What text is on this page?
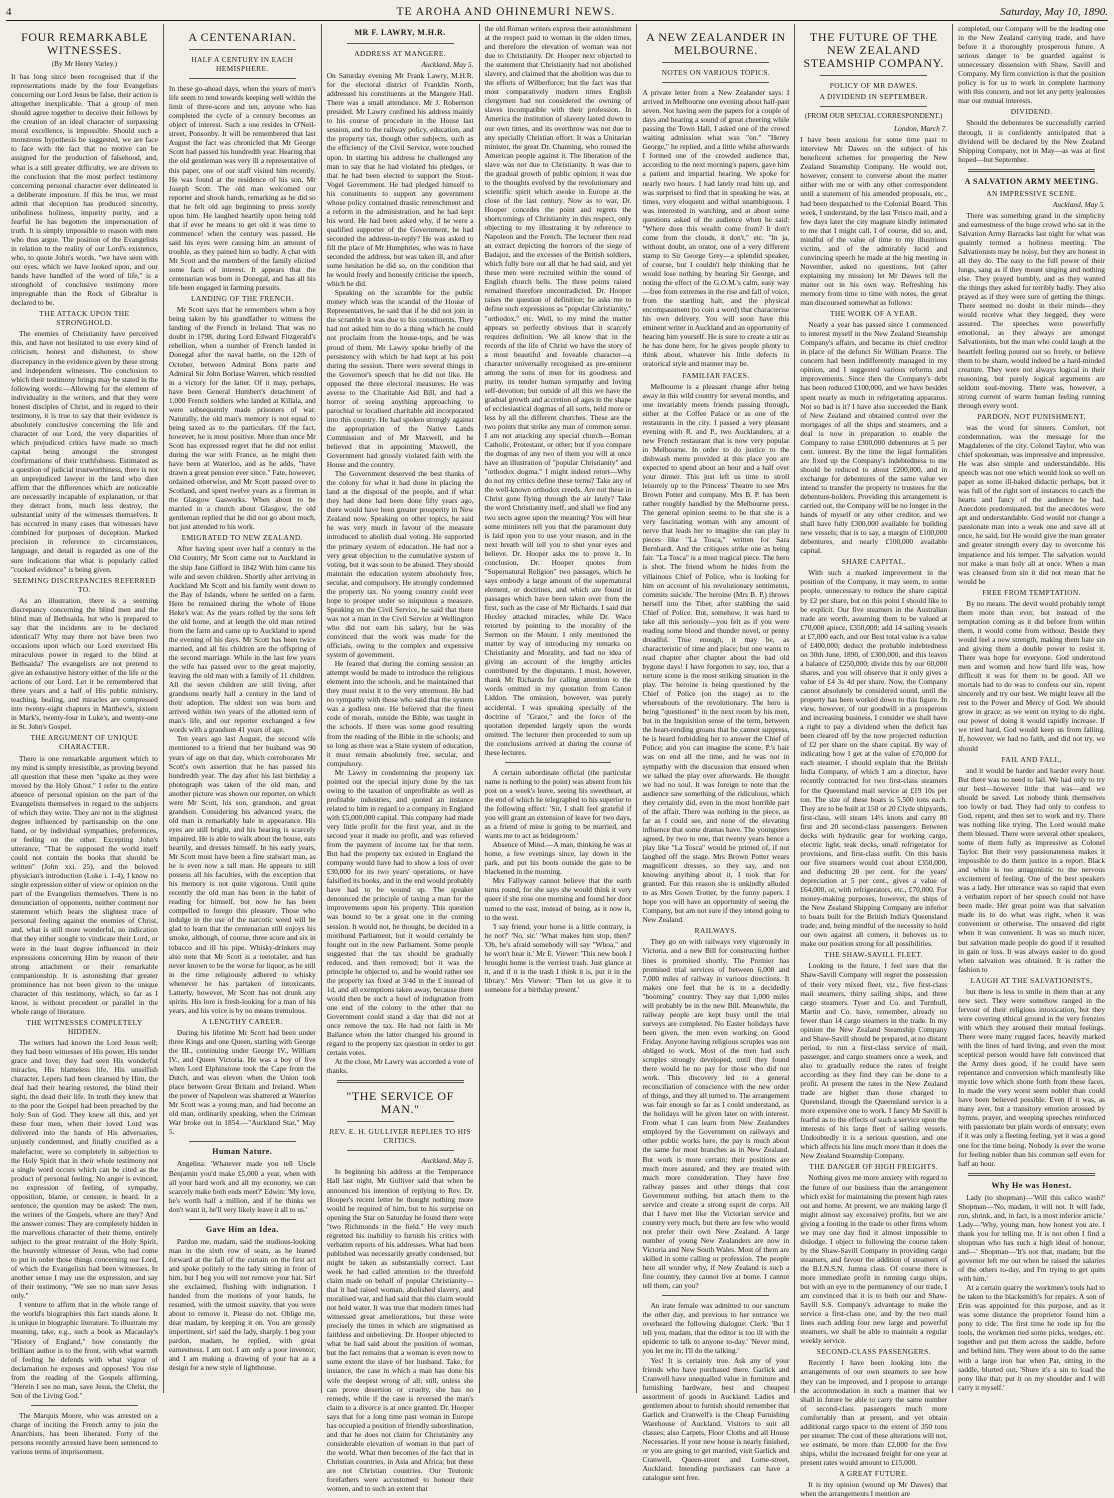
4	TE AROHA AND OHINEMURI NEWS.	Saturday, May 10, 1890.
FOUR REMARKABLE WITNESSES.
(By Mr Henry Varley.)

It has long since been recognised that if the representations made by the four Evangelists concerning our Lord Jesus be false, their action is altogether inexplicable. That a group of men should agree together to deceive their fellows by the creation of an ideal character of surpassing moral excellence, is impossible. Should such a monstrous hypothesis be suggested, we are face to face with the fact that no motive can be assigned for the production of falsehood, and, what is a still greater difficulty, we are driven to the conclusion that the most perfect testimony concerning personal character ever delineated is a deliberate imposture. If this be true, we must admit that deception has produced sincerity, unholiness holiness, impurity purity, and a fearful lie has begotten the impersonation of truth. It is simply impossible to reason with men who thus argue. The position of the Evangelists in relation to the reality of our Lord's existence, who, to quote John's words, "we have seen with our eyes, which we have looked upon, and our hands have handled of the word of life," is a stronghold of conclusive testimony more impregnable than the Rock of Gibraltar is declared to be.

THE ATTACK UPON THE STRONGHOLD.

The enemies of Christianity have perceived this, and have not hesitated to use every kind of criticism, honest and dishonest, to show discrepancy in the evidence given by these strong and independent witnesses. The conclusion to which their testimony brings may be stated in the following words:—Allowing for the element of individuality in the writers, and that they were honest disciples of Christ, and in regard to their testimony, it is true to say that their evidence is absolutely conclusive concerning the life and character of our Lord, the very disparities of which prejudiced critics have made so much capital being amongst the strongest confirmations of their truthfulness. Estimated as a question of judicial trustworthiness, there is not an unprejudiced lawyer in the land who dare affirm that the differences which are noticeable are necessarily incapable of explanation, or that they detract from, much less destroy, the substantial unity of the witnesses themselves. It has occurred in many cases that witnesses have combined for purposes of deception. Marked precision in reference to circumstances, language, and detail is regarded as one of the sure indications that what is popularly called "cooked evidence" is being given.

SEEMING DISCREPANCIES REFERRED TO.

As an illustration, there is a seeming discrepancy concerning the blind men and the blind man of Bethsaida, but who is prepared to say that the incidents are to be declared identical? Why may there not have been two occasions upon which our Lord exercised His miraculous power in regard to the blind at Bethsaida? The evangelists are not pretend to give an exhaustive history either of the life or the actions of our Lord. Let it be remembered that three years and a half of His public ministry, teaching, healing, and miracles are compressed into twenty-eight chapters in Matthew's, sixteen in Mark's, twenty-four in Luke's, and twenty-one in St. John's Gospel.

THE ARGUMENT OF UNIQUE CHARACTER.

There is one remarkable argument which to my mind is simply irresistible, as proving beyond all question that these men "spake as they were moved by the Holy Ghost." I refer to the entire absence of personal opinion on the part of the Evangelists themselves in regard to the subjects of which they write. They are not in the slightest degree influenced by partisanship on the one hand, or by individual sympathies, preferences, or feeling on the other. Excepting John's utterance, "That he supposed the world itself could not contain the books that should be written" (John xxi. 25), and the beloved physician's introduction (Luke i. 1-4), I know no single expression either of view or opinion on the part of the Evangelists themselves. There is no denunciation of opponents, neither comment nor statement which bears the slightest trace of personal feeling against the enemies of Christ, and, what is still more wonderful, no indication that they either sought to vindicate their Lord, or were in the least degree influenced in their expressions concerning Him by reason of their strong attachment or their remarkable companionship. It is astonishing that greater prominence has not been given to the unique character of this testimony, which, so far as I know, is without precedent or parallel in the whole range of literature.

THE WITNESSES COMPLETELY HIDDEN.

The writers had known the Lord Jesus well; they had been witnesses of His power, His tender grace and love; they had seen His wonderful miracles, His blameless life, His unselfish character. Lepers had been cleansed by Him, the deaf had their hearing restored, the blind their sight, the dead their life. In truth they knew that to the poor the Gospel had been preached by the holy Son of God. They knew all this, and yet these four men, when their loved Lord was delivered into the hands of His adversaries, unjustly condemned, and finally crucified as a malefactor, were so completely in subjection to the Holy Spirit that in their whole testimony not a single word occurs which can be cited as the product of personal feeling. No anger is evinced, no expression of feeling, of sympathy, opposition, blame, or censure, is heard. In a sentence, the question may be asked: The men, the writers of the Gospels, where are they? And the answer comes: They are completely hidden in the marvellous character of their theme, entirely subject to the great restraint of the Holy Spirit, the heavenly witnesser of Jesus, who had come to put in order those things concerning our Lord, of which the Evangelists had been witnesses. In another sense I may use the expression, and say of their testimony, "We see no man save Jesus only."

I venture to affirm that in the whole range of the world's biographies this fact stands alone. It is unique in biographic literature. To illustrate my meaning, take, e.g., such a book as Macaulay's "History of England," how constantly the brilliant author is to the front, with what warmth of feeling he defends with what vigour of declamation he exposes and opposes! You rise from the reading of the Gospels affirming, "Herein I see no man, save Jesus, the Christ, the Son of the Living God."

The Marquis Moore, who was arrested on a charge of inciting the French army to join the Anarchists, has been liberated. Forty of the persons recently arrested have been sentenced to various terms of imprisonment.

A CENTENARIAN.
HALF A CENTURY IN EACH HEMISPHERE.

In these go-ahead days, when the years of men's life seem to tend towards keeping well within the limit of three-score and ten, anyone who has completed the cycle of a century becomes an object of interest. Such a one resides in O'Neil-street, Ponsonby. It will be remembered that last August the fact was chronicled that Mr George Scott had passed his hundredth year. Hearing that the old gentleman was very ill a representative of this paper, one of our staff visited him recently. He was found at the residence of his son, Mr Joseph Scott. The old man welcomed our reporter and shook hands, remarking as he did so that he felt old age beginning to press sorely upon him. He laughed heartily upon being told that if ever he means to get old it was time to commence! when the century was passed. He said his eyes were causing him an amount of trouble, as they pained him so badly. A chat with Mr Scott and the members of the family elicited some facts of interest. It appears that the centenarian was born in Donegal, and has all his life been engaged in farming pursuits.

LANDING OF THE FRENCH.

Mr Scott says that he remembers when a boy being taken by his grandfather to witness the landing of the French in Ireland. That was no doubt in 1798, during Lord Edward Fitzgerald's rebellion, when a number of French landed in Donegal after the naval battle, on the 12th of October, between Admiral Bons parte and Admiral Sir John Borlase Warren, which resulted in a victory for the latter. Of it may, perhaps, have been General Humbert's detachment of 1,000 French soldiers who landed at Killala, and were subsequently made prisoners of war. Naturally, the old man's memory is not equal to being taxed as to the particulars. Of the fact, however, he is most positive. More than once Mr Scott has expressed regret that he did not enlist during the war with France, as he might then have been at Waterloo, and as he adds, "have drawn a great pension ever since." Fate, however, ordained otherwise, and Mr Scott passed over to Scotland, and spent twelve years as a fireman in the Glasgow Gasworks. When about to be married in a church about Glasgow, the old gentleman replied that he did not go about much, but just attended to his work.

EMIGRATED TO NEW ZEALAND.

After having spent over half a century in the Old Country, Mr Scott came out to Auckland in the ship Jane Gifford in 1842 With him came his wife and seven children. Shortly after arriving in Auckland Mr Scott and his family went down to the Bay of Islands, where he settled on a farm. Here he remained during the whole of Hone Heke's war. As the years rolled by the sons left the old home, and at length the old man retired from the farm and came up to Auckland to spend the evening of his days. Mr Scott has been twice married, and all his children are the offspring of the second marriage. While in the last few years the wife has passed over to the great majority, leaving the old man with a family of 11 children. All the seven children are still living, after grandsons nearly half a century in the land of their adoption. The oldest son was born and arrived within two years of the allotted term of man's life, and our reporter exchanged a few words with a grandson 41 years of age.

Ten years ago last August, the second wife mentioned to a friend that her husband was 90 years of age on that day, which corroborates Mr Scott's own assertion that he has passed his hundredth year. The day after his last birthday a photograph was taken of the old man, and another picture was shown our reporter, on which were Mr Scott, his son, grandson, and great grandson. Considering his advanced years, the old man is remarkably hale in appearance. His eyes are still bright, and his hearing is scarcely impaired. He is able to walk about the house, eats heartily, and dresses himself. In his early years, Mr Scott must have been a fine stalwart man, as he is even now a tall man. He appears to still possess all his faculties, with the exception that his memory is not quite vigorous. Until quite recently the old man has been in the habit of reading for himself, but now he has been compelled to forego this pleasure. Those who indulge in the use of the narcotic weed will be glad to learn that the centenarian still enjoys his smoke, although, of course, three score and six in tobacco and ill his pipe. Whisky-drinkers may also note that Mr Scott is a teetotaler, and has never known to be the worse for liquor, as he still in the time religiously adhered to whisky whenever he has partaken of intoxicants. Latterly, however, Mr Scott has not drunk any spirits. His lore is fresh-looking for a man of his years, and his voice is by no means tremulous.

A LENGTHY CAREER.

During his lifetime Mr Scott had been under three Kings and one Queen, starting with George the III., continuing under George IV., William IV., and Queen Victoria. He was a boy of five when Lord Elphinstone took the Cape from the Dutch, and was eleven when the Union took place between Great Britain and Ireland. When the power of Napoleon was shattered at Waterloo Mr Scott was a young man, and had become an old man, ordinarily speaking, when the Crimean War broke out in 1854.—"Auckland Star," May 5.

Human Nature.

Angelina: 'Whatever made you tell Uncle Benjamin you'd make £5,000 a year, when with all your hard work and all my economy, we can scarcely make both ends meet?' Edwin: 'My love, he's worth half a million, and if he thinks we don't want it, he'll very likely leave it all to us.'

Gave Him an Idea.

Pardon me, madam, said the studious-looking man in the sixth row of seats, as he leaned forward at the fall of the curtain on the first act and spoke politely to the lady sitting in front of him, but I beg you will not remove your hat. Sir! she exclaimed, flushing with indignation. I handed from the motions of your hands, he resumed, with the utmost suavity, that you were about to remove it. Please do not. Oblige me, dear madam, by keeping it on. You are grossly impertinent, sir! said the lady, sharply. I beg your pardon, madam, he replied, with great earnestness. I am not. I am only a poor inventor, and I am making a drawing of your hat as a design for a new style of lighthouse.

MR F. LAWRY, M.H.R.
ADDRESS AT MANGERE.
Auckland, May 5.

On Saturday evening Mr Frank Lawry, M.H.R. for the electoral district of Franklin North, addressed his constituents at the Mangere Hall. There was a small attendance. Mr J. Robertson presided. Mr Lawry confined his address mainly to his course of procedure in the House last session, and to the railway policy, education, and the property tax, though other subjects, such as the efficiency of the Civil Service, were touched upon. In starting his address he challenged any man to say that he had violated his pledges, or that he had been elected to support the Stout-Vogel Government. He had pledged himself to his constituents to support any government whose policy contained drastic retrenchment and a reform in the administration, and he had kept his word. He had been asked why, if he were a qualified supporter of the Government, he had seconded the address-in-reply? He was asked to fill the place of Mr Humphries, who was to have seconded the address, but was taken ill, and after some hesitation he did so, on the condition that he would freely and honestly criticise the speech, which he did.

Speaking on the scramble for the public money which was the scandal of the House of Representatives, he said that if he did not join in the scramble it was due to his constituents. They had not asked him to do a thing which he could not proclaim from the house-tops, and he was proud of them. Mr Lawry spoke briefly of the persistency with which he had kept at his post during the session. There were several things in the Governor's speech that he did not like. He opposed the three electoral measures. He was averse to the Charitable Aid Bill, and had a horror of seeing anything approaching to parochial or localised charitable aid incorporated into this country. He had spoken strongly against the appropriation of the Native Lands Commission and of Mr Maxwell, and he believed that in appointing Maxwell, the Government had grossly violated faith with the House and the country.

The Government deserved the best thanks of the colony for what it had done in placing the land at the disposal of the people, and if what they had done had been done fifty years ago, there would have been greater prosperity in New Zealand now. Speaking on other topics, he said he was very much in favour of the measure introduced to abolish dual voting. He supported the primary system of education. He had not a very great objection to the cumulative system of voting, but it was soon to be abused. They should maintain the education system absolutely free, secular, and compulsory. He strongly condemned the property tax. No young country could ever hope to prosper under so iniquitous a measure. Speaking on the Civil Service, he said that there was not a man in the Civil Service at Wellington who did not earn his salary, but he was convinced that the work was made for the officials, owing to the complex and expensive system of government.

He feared that during the coming session an attempt would be made to introduce the religious element into the schools, and he maintained that they must resist it to the very uttermost. He had no sympathy with those who said that the system was a godless one. He believed that the finest code of morals, outside the Bible, was taught in the schools. If there was some good resulting from the reading of the Bible in the schools; and so long as there was a State system of education, it must remain absolutely free, secular, and compulsory.

Mr Lawry in condemning the property tax pointed out the special injury done by the tax owing to the taxation of unprofitable as well as profitable industries, and quoted an instance related to him in regard to a company in England with £5,000,000 capital. This company had made very little profit for the first year, and in the second year it made no profit, and was relieved from the payment of income tax for that term. But had the property tax existed in England the company would have had to show a loss of over £30,000 for its two years' operations, or have falsified its books, and in the end would probably have had to be wound up. The speaker denounced the principle of taxing a man for the improvements upon his property. This question was bound to be a great one in the coming session. It would not, he thought, be decided in a moribund Parliament, but it would certainly be fought out in the new Parliament. Some people suggested that the tax should be gradually reduced, and then removed; but it was the principle he objected to, and he would rather see the property tax fixed at 3/4d in the £ instead of 1d, and all exemptions taken away, because there would then be such a howl of indignation from one end of the colony to the other that no Government could stand a day that did not at once remove the tax. He had not faith in Mr Ballance when the latter changed his ground in regard to the property tax question in order to get certain votes.

At the close, Mr Lawry was accorded a vote of thanks.

"THE SERVICE OF MAN."
REV. E. H. GULLIVER REPLIES TO HIS CRITICS.
Auckland, May 5.

In beginning his address at the Temperance Hall last night, Mr Gulliver said that when he announced his intention of replying to Rev. Dr. Hooper's recent letter he thought nothing more would be required of him, but to his surprise on opening the Star on Saturday he found there were "two Richmonds in the field." He very much regretted his inability to furnish his critics with verbatim reports of his addresses. What had been published was necessarily greatly condensed, but might be taken as substantially correct. Last week he had called attention to the threefold claim made on behalf of popular Christianity—that it had raised woman, abolished slavery, and moralised war, and had said that this claim would not hold water. It was true that modern times had witnessed great ameliorations, but these were precisely the times in which are stigmatised as faithless and unbelieving. Dr. Hooper objected to what he had said about the position of woman, but the fact remains that a woman is even now to some extent the slave of her husband. Take, for instance, the case in which a man has done his wife the deepest wrong of all; still, unless she can prove desertion or cruelty, she has no remedy, while if the case is reversed the man's claim to a divorce is at once granted. Dr. Hooper says that for a long time past woman in Europe has occupied a position of friendly subordination, and that he does not claim for Christianity any considerable elevation of woman in that part of the world. What then becomes of the fact that in Christian countries, in Asia and Africa; but these are not Christian countries. Our Teutonic forefathers were accustomed to honour their women, and to such an extent that

the old Roman writers express their astonishment at the respect paid to woman in the olden times, and therefore the elevation of woman was not due to Christianity. Dr. Hooper next objected to the statement that Christianity had not abolished slavery, and claimed that the abolition was due to the efforts of Wilberforce; but the fact was that most comparatively modern times English clergymen had not considered the owning of slaves incompatible with their profession. In America the institution of slavery lasted down to our own times, and its overthrow was not due to any specially Christian effort. It was a Unitarian minister, the great Dr. Channing, who roused the American people against it. The liberation of the slave was not due to Christianity. It was due to the gradual growth of public opinion; it was due to the thoughts evolved by the revolutionary and scientific spirit which awoke in Europe at the close of the last century. Now as to war, Dr. Hooper concedes the point and regrets the shortcomings of Christianity in this respect, only objecting to my illustrating it by reference to Napoleon and the French. The lecturer then read an extract depicting the horrors of the siege of Badajoz, and the excesses of the British soldiers, which fully bore out all that he had said, and yet these men were recruited within the sound of English church bells. The three points raised remained therefore uncontradicted. Dr. Hooper raises the question of definition; he asks me to define such expressions as "popular Christianity," "orthodox," etc. Well, to my mind the matter appears so perfectly obvious that it scarcely requires definition. We all know that in the records of the life of Christ we have the story of a most beautiful and loveable character—a character universally recognised as pre-eminent among the sons of men for its goodness and purity, its tender human sympathy and loving self-devotion; but outside of all this we have the gradual growth and accretion of ages in the shape of ecclesiastical dogmas of all sorts, held more or less by all the different churches. These are the two points that strike any man of common sense. I am not attacking any special church—Roman Catholic, Protestant, or other; but if you compare the dogmas of any two of them you will at once have an illustration of "popular Christianity" and "orthodox dogma." I might indeed retort—Why do not my critics define these terms? Take any of the well-known orthodox creeds. Are not these in Christ gone flying through the air lately? Take the word Christianity itself, and shall we find any two sects agree upon the meaning? You will hear some ministers tell you that the paramount duty is laid upon you to use your reason, and in the next breath will tell you to shut your eyes and believe. Dr. Hooper asks me to prove it. In conclusion, Dr. Hooper quotes from "Supernatural Religion" two passages, which he says embody a large amount of the supernatural element, or doctrines, and which are found in passages which have been taken over from the first, such as the case of Mr Richards. I said that Huxley attacked miracles, while Dr. Wace retorted by pointing to the morality of the Sermon on the Mount. I only mentioned the matter by way of introducing my remarks on Christianity and Morality, and had no idea of giving an account of the lengthy articles contributed by the disputants. I must, however, thank Mr Richards for calling attention to the words omitted in my quotation from Canon Liddon. The omission, however, was purely accidental. I was speaking specially of the doctrine of "Grace," and the force of the quotation depended largely upon the words omitted. The lecturer then proceeded to sum up the conclusions arrived at during the course of these lectures.

A certain subordinate official (the particular name is nothing to the point) was absent from his post on a week's leave, seeing his sweetheart, at the end of which he telegraphed to his superior to the following effect: 'Sir, I shall feel grateful if you will grant an extension of leave for two days, as a friend of mine is going to be married, and wants me to act as bridegroom.'

Absence of Mind.—A man, thinking he was at home, a few evenings since, lay down in the park, and put his boots outside the gate to be blackened in the morning.

Mrs Fallyway cannot believe that the earth turns round, for she says she would think it very queer if she rose one morning and found her door turned to the east, instead of being, as it now is, to the west.

'I say friend, your horse is a little contrary, is he not?' 'No, sir.' 'What makes him stop, then?' 'Oh, he's afraid somebody will say "Whoa," and he won't hear it.' Mr E. Viewer: 'This new book I brought home is the verriest trash. Just glance at it, and if it is the trash I think it is, put it in the library.' Mrs Viewer: 'Then let us give it to someone for a birthday present.'

A NEW ZEALANDER IN MELBOURNE.
NOTES ON VARIOUS TOPICS.

A private letter from a New Zealander says: I arrived in Melbourne one evening about half-past seven. Not having seen the papers for a couple of days and hearing a sound of great cheering while passing the Town Hall, I asked one of the crowd waiting admission what was "on." "Henry George," he replied, and a little whilst afterwards I formed one of the crowded audience that, according to the next morning's papers, gave him a patient and impartial hearing. We spoke for nearly two hours. I had lately read him up, and was surprised to find that in speaking he was, at times, very eloquent and withal unambiguous. I was interested in watching, and at about some questions asked of the audience when he said: "Where does this wealth come from? It don't come from the clouds, it don't," etc. "In ja, without doubt, an orator, one of a very different stamp to Sir George Grey—a splendid speaker, of course, but I couldn't help thinking that he would lose nothing by hearing Sir George, and noting the effect of the G.O.M.'s calm, easy way—free from extremes in the rise and fall of voice, from the startling halt, and the physical encompassment (to coin a word) that characterise his own delivery. You will soon have this eminent writer in Auckland and an opportunity of hearing him yourself. He is sure to create a stir as he has done here, for he gives people plenty to think about, whatever his little defects in oratorical style and manner may be.

FAMILIAR FACES.

Melbourne is a pleasant change after being away in this wild country for several months, and one invariably meets friends passing through, either at the Coffee Palace or as one of the restaurants in the city. I passed a very pleasant evening with R. and P., two Aucklanders, at a new French restaurant that is now very popular in Melbourne. In order to do justice to the dishwash menu provided at this place you are expected to spend about an hour and a half over your dinner. This just left us time to stroll leisurely up to the Princess' Theatre to see Mrs Brown Potter and company. Mrs B. P. has been rather roughly handled by the Melbourne press. The general opinion seems to be that she is a very fascinating woman with any amount of nerve that leads her to imagine she can play in pieces like "La Tosca," written for Sara Bernhardt. And the critiques strike one as being fair. "La Tosca" is a most tragical piece. The hero is shot. The friend whom he hides from the villainous Chief of Police, who is looking for him on account of his revolutionary sentiments, commits suicide. The heroine (Mrs B. P.) throws herself into the Tiber, after stabbing the said Chief of Police. But, somehow, it was hard to take all this seriously—you felt as if you were reading some blood and thunder novel, or penny dreadful. True enough, it may be, as characteristic of time and place; but one wants to read chapter after chapter about the bad old bygone days! I have forgotten to say, too, that a torture scene is the most striking situation in the play. The heroine is being questioned by the Chief of Police (on the stage) as to the whereabouts of the revolutionary. The hero is being "questioned" in the next room by his men, but in the Inquisition sense of the term, between the heart-rending groans that he cannot suppress, he is heard forbidding her to answer the Chief of Police; and you can imagine the scene. P.'s hair was on end all the time, and he was not in sympathy with the discussion that ensued when we talked the play over afterwards. He thought we had no soul. It was foreign to note that the audience saw something of the ridiculous, which they certainly did, even in the most horrible part of the affair. There was nothing in the piece, as far as I could see, and none of the elevating influence that some dramas have. The youngsters agreed, by two to one, that twenty years hence a play like "La Tosca" would be printed of, if not laughed off the stage. Mrs Brown Potter wears magnificent dresses, so they say, and not knowing anything about it, I took that for granted. For this reason she is unkindly alluded to as Mrs Gown Trotter, by the funny papers. I hope you will have an opportunity of seeing the Company, but am not sure if they intend going to New Zealand.

RAILWAYS.

They go on with railways very vigorously in Victoria, and a new Bill for constructing further lines is promised shortly. The Premier has promised trial services of between 6,000 and 7,000 miles of railway in various directions. It makes one feel that he is in a decidedly "booming" country. They say that 1,000 miles will probably be in the new Bill. Meanwhile, the railway people are kept busy until the trial surveys are completed. No Easter holidays have been given, the men even working on Good Friday. Anyone having religious scruples was not obliged to work. Most of the men had such scruples strongly developed, until they found there would be no pay for those who did not work. This discovery led to a general reconciliation of conscience with the new order of things, and they all turned to. The arrangement was fair enough so far as I could understand, as the holidays will be given later on with interest. From what I can learn from New Zealanders employed by the Government on railways and other public works here, the pay is much about the same for most branches as in New Zealand. But work is more certain; their positions are much more assured, and they are treated with much more consideration. They have free railway passes and other things that cost Government nothing, but attach them to the service and create a strong esprit de corps. All that I have met like the Victorian service and country very much, but there are few who would not prefer their own New Zealand. A large number of young New Zealanders are now in Victoria and New South Wales. Most of them are skilled in some calling or profession. The people here all wonder why, if New Zealand is such a fine country, they cannot live at home. I cannot tell them, can you?

An irate female was admitted to our sanctum the other day, and previous to her entrance we overheard the following dialogue: Clerk: 'But I tell you, madam, that the editor is too ill with the epidemic to talk to anyone to-day.' 'Never mind, you let me in; I'll do the talking.'

Yes! It is certainly true. Ask any of your friends who have purchased there. Garlick and Cranwell have unequalled value in furniture and furnishing hardware, best and cheapest assortment of goods in Auckland. Ladies and gentlemen about to furnish should remember that Garlick and Cranwell's is the Cheap Furnishing Warehouse of Auckland. Visitors to suit all classes; also Carpets, Floor Cloths and all House Necessaries. If your new house is nearly finished, or you are going to get married, visit Garlick and Cranwell, Queen-street and Lorne-street, Auckland. Intending purchasers can have a catalogue sent free.

THE FUTURE OF THE NEW ZEALAND STEAMSHIP COMPANY.
POLICY OF MR DAWES.
A DIVIDEND IN SEPTEMBER.
(FROM OUR SPECIAL CORRESPONDENT.)
London, March 7.

I have been anxious for some time past to interview Mr Dawes on the subject of his beneficent schemes for prospering the New Zealand Steamship Company. He would not, however, consent to converse about the matter either with me or with any other correspondent until a statement of his amended proposals, etc., had been despatched to the Colonial Board. This week, I understand, by the last 'Frisco mail, and a few days later the city magnate kindly intimated to me that I might call. I of course, did so, and, mindful of the value of time to my illustrious victim, and of the admirably lucid and convincing speech he made at the big meeting in November, asked no questions, but (after explaining my mission) let Mr Dawes tell the matter out in his own way. Refreshing his memory from time to time with notes, the great man discoursed somewhat as follows:

THE WORK OF A YEAR.

Nearly a year has passed since I commenced to interest myself in the New Zealand Steamship Company's affairs, and became its chief creditor in place of the defunct Sir William Pearce. The concern had been indifferently managed in my opinion, and I suggested various reforms and improvements. Since then the Company's debt has been reduced £100,000, and we have besides spent nearly as much in refrigerating apparatus. Not so bad is it? I have also succeeded the Bank of New Zealand and obtained control over the mortgages of all the ships and steamers, and a deal is now in preparation to enable the Company to raise £300,000 debentures at 5 per cent. interest. By the time the legal formalities are fixed up the Company's indebtedness to me should be reduced to about £200,000, and in exchange for debentures of the same value we intend to transfer the property to trustees for the debenture-holders. Providing this arrangement is carried out, the Company will be no longer in the hands of myself or any other creditor, and we shall have fully £300,000 available for building new vessels; that is to say, a margin of £100,000 debentures, and nearly £100,000 available capital.

SHARE CAPITAL.

With such a marked improvement in the position of the Company, it may seem, to some people, unnecessary to reduce the share capital by £2 per share, but on this point I should like to be explicit. Our five steamers in the Australian trade are worth, assuming them to be valued at £70,000 apiece, £350,000; add 14 sailing vessels at £7,000 each, and our Best total value is a value of £400,000; deduct the probable indebtedness on 30th June, 1890, of £300,000, and this leaves a balance of £250,000; divide this by our 60,000 shares, and you will observe that it only gives a value of £4 3s 4d per share. Now, the Company cannot absolutely be considered sound, until the property has been worked down to this figure. In view, however, of our goodwill in a prosperous and increasing business, I consider we shall have a right to pay a dividend when the deficit has been cleared off by the now projected reduction of £2 per share on the share capital. By way of indicating how I get at the value of £70,000 for each steamer, I should explain that the British India Company, of which I am a director, have recently contracted for two first-class steamers for the Queensland mail service at £19 10s per ton. The size of these boats is 5,500 tons each. They are to be built at 150 or 20 Clyde shipyards, first-class, will steam 14½ knots and carry 80 first and 20 second-class passengers. Between decks with hydraulic gear for working cargo, electric light, teak decks, small refrigerator for provisions, and first-class outfit. On this basis our five steamers would cost about £350,000, and deducting 20 per cent. for the years' depreciation at 5 per cent., gives a value of £64,000, or, with refrigerators, etc., £70,000. For money-making purposes, however, the ships of the New Zealand Shipping Company are inferior to boats built for the British India's Queensland trade; and, being mindful of the necessity to hold our own against all comers, it behoves us to make our position strong for all possibilities.

THE SHAW-SAVILL FLEET.

Looking to the future, I feel sure that the Shaw-Savill Company will regret the possession of their very mixed fleet, viz., five first-class mail steamers, thirty sailing ships, and three cargo steamers. Tyser and Co. and Turnbull, Martin and Co. have, remember, already no fewer than 14 cargo steamers in the trade. In my opinion the New Zealand Steamship Company and Shaw-Savill should be prepared, at no distant period, to run a first-class service of mail, passenger, and cargo steamers once a week, and also to gradually reduce the rates of freight according as they find they can be done to a profit. At present the rates in the New Zealand trade are higher than those charged to Queensland, though the Queensland service is a more expensive one to work. I fancy Mr Savill is fearful as to the effects of such a service upon the interests of his large fleet of sailing vessels. Undoubtedly it is a serious question, and one which affects his line much more than it does the New Zealand Steamship Company.

THE DANGER OF HIGH FREIGHTS.

Nothing gives me more anxiety with regard to the future of our business than the arrangement which exist for maintaining the present high rates out and home. At present, we are making large (I might almost say excessive) profits, but we are giving a footing in the trade to other firms whom we may one day find it almost impossible to dislodge. I object to following the course taken by the Shaw-Savill Company in providing cargo steamers, and favour the addition of steamers of the B.I.N.S.N. Jumna class. Of course there is more immediate profit in running cargo ships, but with an eye to the permanency of our trade, I am convinced that it is to both our and Shaw-Savill S.S. Company's advantage to make the service a first-class one, and by the two mail lines each adding four new large and powerful steamers, we shall be able to maintain a regular weekly service.

SECOND-CLASS PASSENGERS.

Recently I have been looking into the arrangements of our own steamers to see how they can be improved, and I propose to arrange the accommodation in such a manner that we shall in future be able to carry the same number of second-class passengers much more comfortably than at present, and yet obtain additional cargo space to the extent of 350 tons per steamer. The cost of these alterations will not, we estimate, be more than £2,000 for the five ships, whilst the increased freight for one year at present rates would amount to £15,000.

A GREAT FUTURE.

It is my opinion (wound up Mr Dawes) that when the arrangements I mention are

completed, our Company will be the leading one in the New Zealand carrying trade, and have before it a thoroughly prosperous future. A serious danger to be guarded against is unnecessary dissension with Shaw, Savill and Company. My firm conviction is that the position policy is for us to work in complete harmony with this concern, and not let any petty jealousies mar our mutual interests.

DIVIDEND.

Should the debentures be successfully carried through, it is confidently anticipated that a dividend will be declared by the New Zealand Shipping Company, not in May—as was at first hoped—but September.

A SALVATION ARMY MEETING.
AN IMPRESSIVE SCENE.
Auckland, May 5.

There was something grand in the simplicity and earnestness of the huge crowd who sat in the Salvation Army Barracks last night for what was quaintly termed a holiness meeting. The Salvationists may be noisy, but they are honest in all they do. The easy to the full power of their lungs, sang as if they meant singing and nothing else. They prayed humbly, and as they wanted the things they asked for terribly badly. They also prayed as if they were sure of getting the things. There seemed no doubt in their minds—they would receive what they begged, they were assured. The speeches were powerfully emotional, as they always are amongst Salvationists, but the man who could laugh at the heartfelt feeling poured out so freely, or believe them to be sham, would indeed be a hard-minded creature. They were not always logical in their reasoning, but purely logical arguments are seldom soul-moving. There was, however, a strong current of warm human feeling running through every word.

PARDON, NOT PUNISHMENT,

was the word for sinners. Comfort, not condemnation, was the message for the Magdalenes of the city. Colonel Taylor, who was chief spokesman, was impressive and impressive. He was also simple and understandable. His speech was not one which would look so well on paper as some ill-baked didactic perhaps, but it was full of the right sort of instances to catch the hearts and fancy of the audience he had. Anecdote predominated, but the anecdotes were apt and understandable. God would not change a passionate man into a weak one and save all at once, he said, but He would give the man greater and greater strength every day to overcome his impatience and his temper. The salvation would not make a man holy all at once. When a man was cleansed from sin it did not mean that he would be

FREE FROM TEMPTATION.

By no means. The devil would probably tempt them more than ever, but instead of the temptation coming as it did before from within them, it would come from without. Beside they would feel a new strength, making them hate sin and giving them a double power to resist it. There was hope for everyone. God understood men and women and how hard life was, how difficult it was for them to be good. All we mortals had to do was to confess our sin, repent sincerely and try our best. We might leave all the rest to the Power and Mercy of God. We should grow in grace; as we went on trying to do right, our power of doing it would rapidly increase. If we tried hard, God would keep us from falling. If, however, we had no faith, and did not try, we should

FAIL AND FALL,

and it would be harder and harder every hour. But there was no need to fail. We had only to try our best—however little that was—and we should be saved. Let nobody think themselves too lowly or bad. They had only to confess to God, repent, and then set to work and try. There was nothing like trying. The Lord would make them blessed. There were several other speakers, some of them fully as impressive as Colonel Taylor. But their very passionateness makes it impossible to do them justice in a report. Black and white is too antagonistic to the nervous excitement of feeling. One of the best speakers was a lady. Her utterance was so rapid that even a verbatim report of her speech could not have been made. Her great point was that salvation made its to do what was right, when it was convenient or otherwise. The unsaved did right when it was convenient. It was so much nicer, but salvation made people do good if it resulted in gain or loss. It was always easier to do good when salvation was obtained. It is rather the fashion to

LAUGH AT THE SALVATIONISTS,

but there is less to smile in them than at any new sect. They were somehow ranged in the fervour of their religious intoxication, but they were covering ethical ground in the very frenzies with which they aroused their mutual feelings. There were many rugged faces, heavily marked with the lines of hard living, and even the most sceptical person would have felt convinced that the Army does good, if he could have seen repentance and conversion which manifestly like mystic love which shone forth from these faces. In made the very worst seem nobler than could have been believed possible. Even if it was, as many aver, but a transitory emotion aroused by hymns, prayer, and weeping speeches reinforced with passionate but plain words of entreaty; even if it was only a fleeting feeling, yet it was a good one for the time being. Nobody is ever the worse for feeling nobler than his common self even for half an hour.

Why He was Honest.

Lady (to shopman)—'Will this calico wash?' Shopman—'No, madam, it will not. It will fade, run, shrink, and, in fact, is a most inferior article.' Lady—'Why, young man, how honest you are. I thank you for telling me. It is not often I find a shopman who has such a high ideal of honour, and—' Shopman—'It's not that, madam; but the governor left me out when he raised the salaries of the others to-day, and I'm trying to get quits with him.'

At a certain quarry the workmen's tools had to be taken to the blacksmith's for repairs. A son of Erin was appointed for this purpose, and as it was some distance the proprietor found him a pony to ride. The first time he rode up for the tools, the workmen tied some picks, wedges, etc. together and put them across the saddle, before and behind him. They were about to do the same with a large iron bar when Pat, sitting in the saddle, blurted out, 'Shure it's a sin to load the pony like that; put it on my shoulder and I will carry it myself.'
